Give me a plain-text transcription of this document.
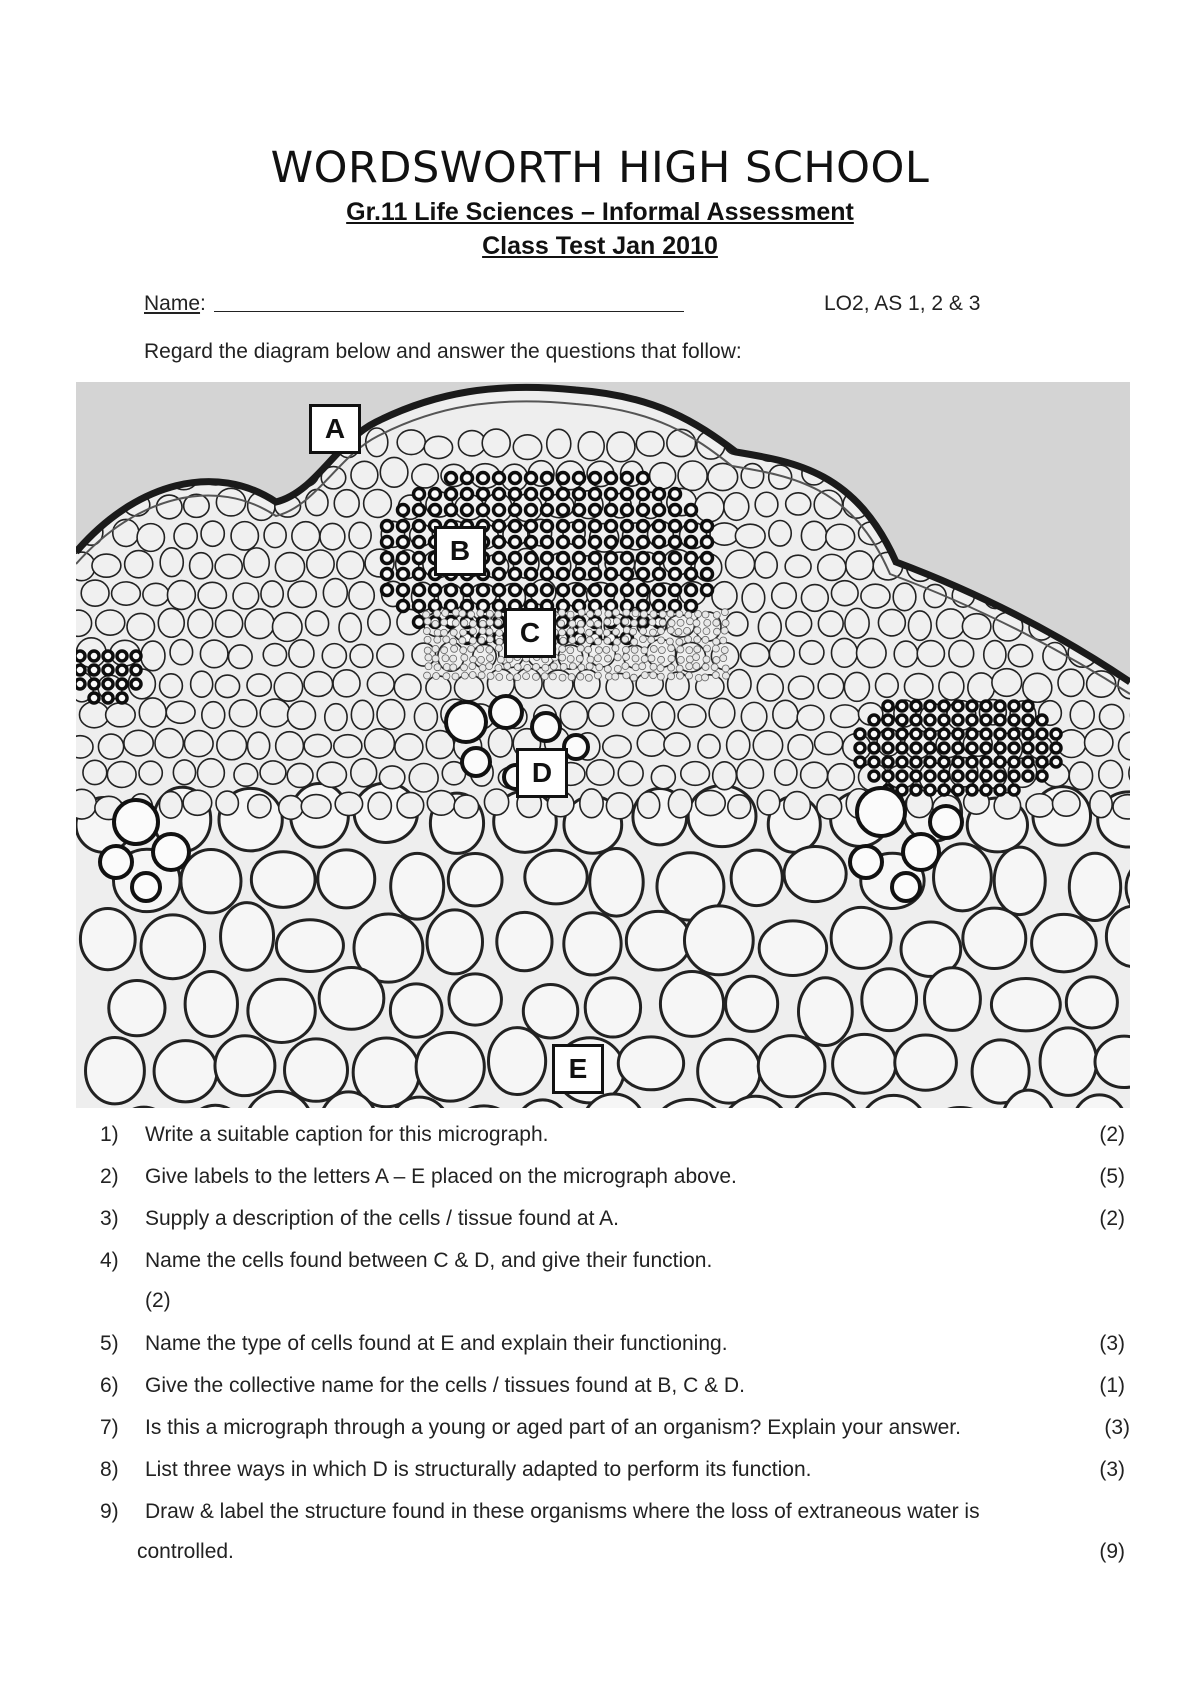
WORDSWORTH HIGH SCHOOL
Gr.11 Life Sciences – Informal Assessment
Class Test Jan 2010
Name:	LO2, AS 1, 2 & 3
Regard the diagram below and answer the questions that follow:
A
B
C
D
E
1) Write a suitable caption for this micrograph.	(2)
2) Give labels to the letters A – E placed on the micrograph above.	(5)
3) Supply a description of the cells / tissue found at A.	(2)
4) Name the cells found between C & D, and give their function.
(2)
5) Name the type of cells found at E and explain their functioning.	(3)
6) Give the collective name for the cells / tissues found at B, C & D.	(1)
7) Is this a micrograph through a young or aged part of an organism? Explain your answer.	(3)
8) List three ways in which D is structurally adapted to perform its function.	(3)
9) Draw & label the structure found in these organisms where the loss of extraneous water is
controlled.	(9)
